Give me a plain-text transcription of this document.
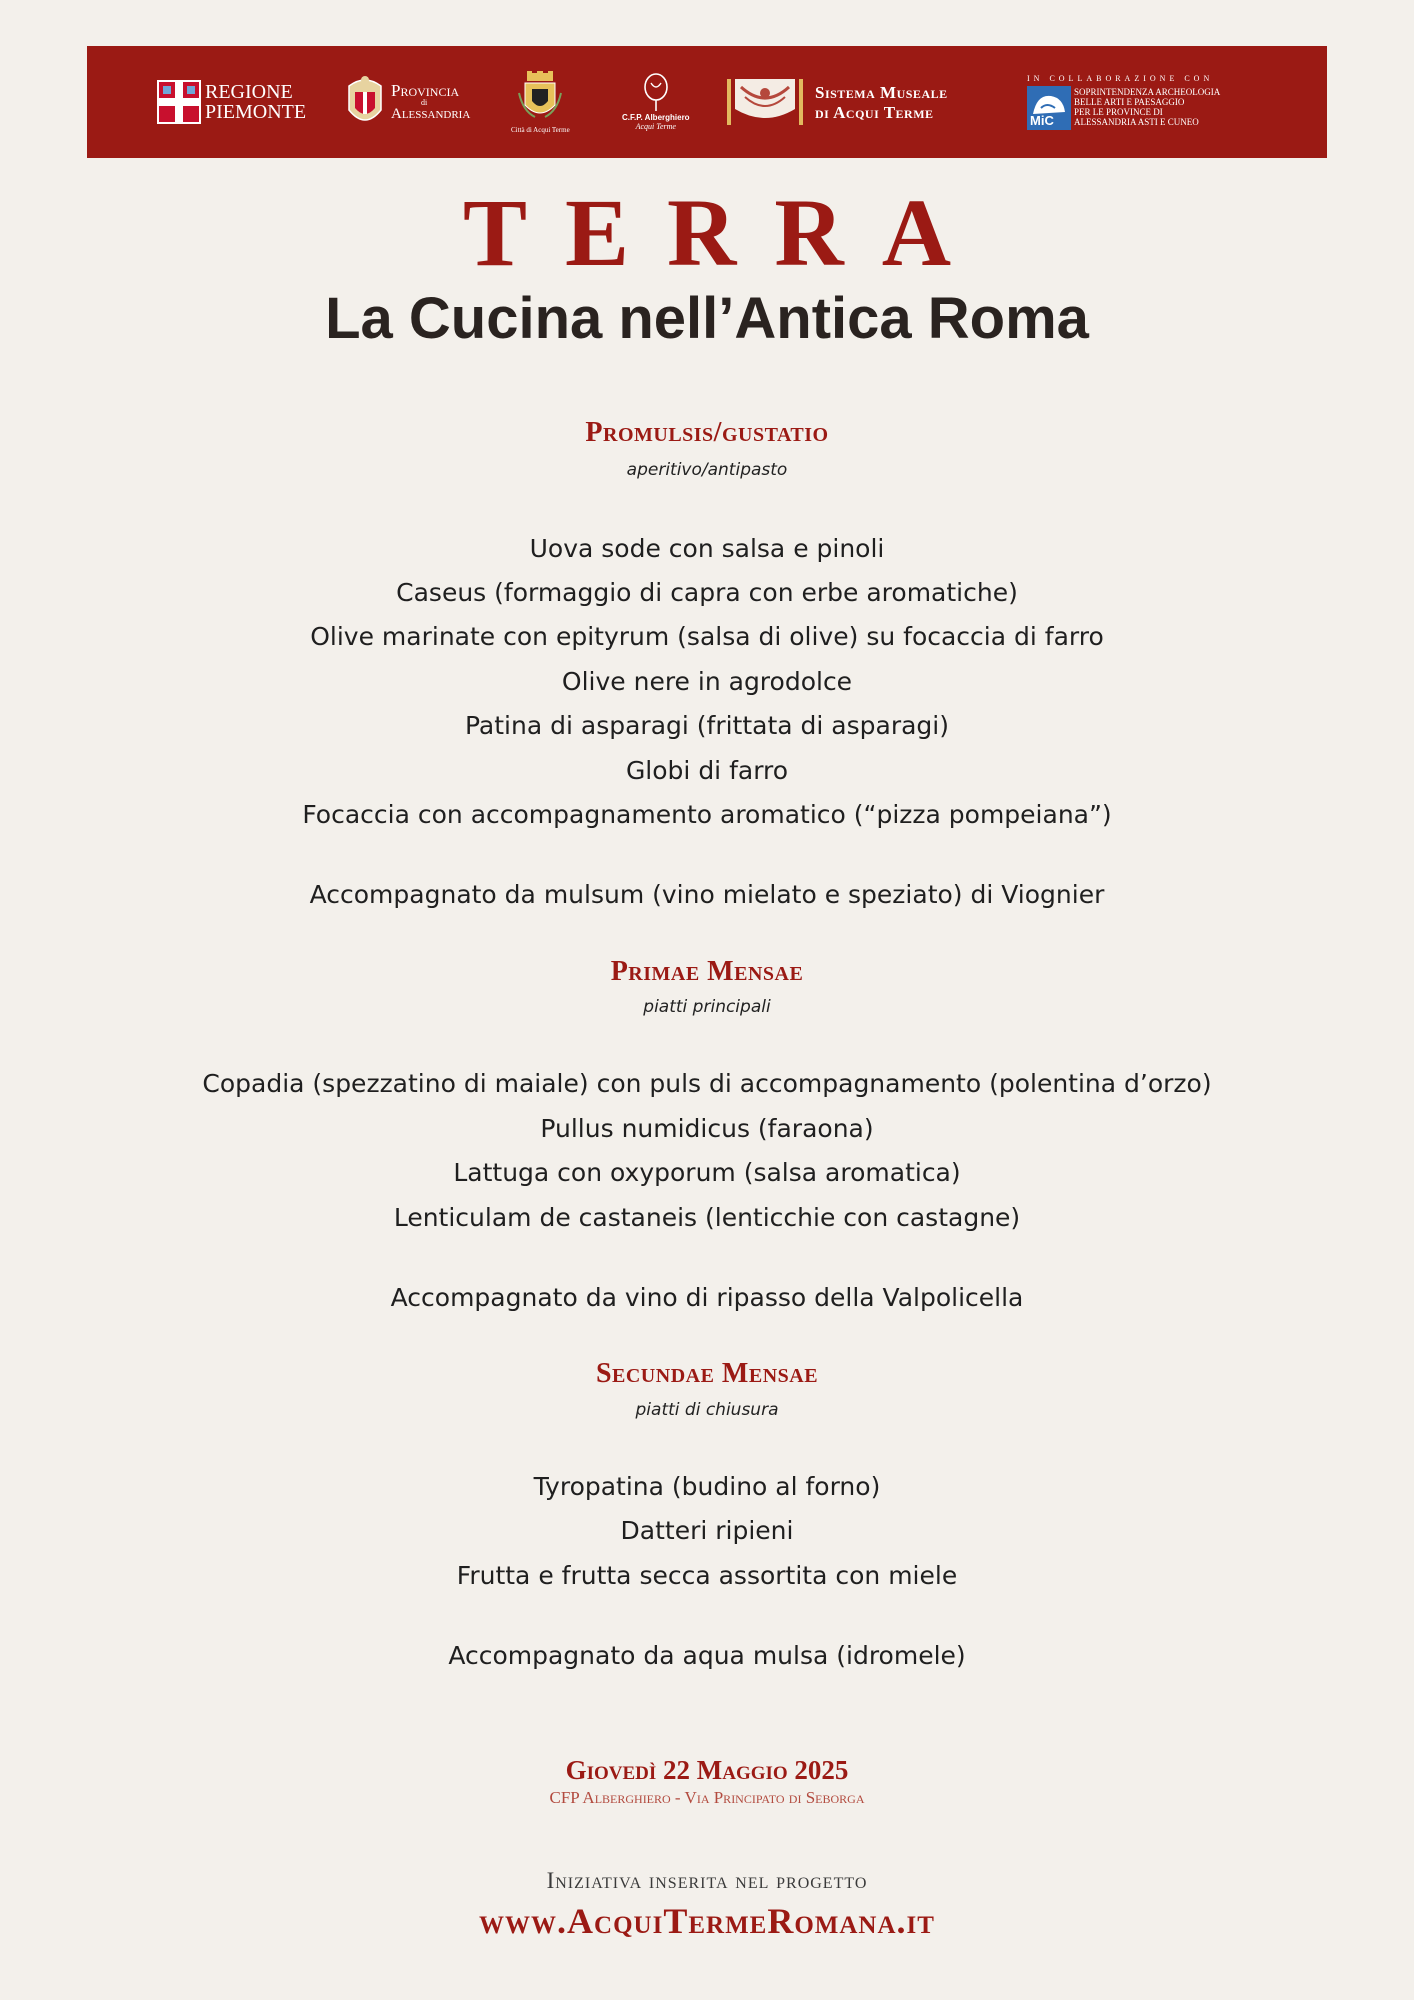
REGIONE
PIEMONTE
Provincia
di
Alessandria
Città di Acqui Terme
C.F.P. Alberghiero
Acqui Terme
Sistema Museale
di Acqui Terme
IN COLLABORAZIONE CON
MiC
SOPRINTENDENZA ARCHEOLOGIA
BELLE ARTI E PAESAGGIO
PER LE PROVINCE DI
ALESSANDRIA ASTI E CUNEO
TERRA
La Cucina nell’Antica Roma
Promulsis/gustatio
aperitivo/antipasto
Uova sode con salsa e pinoli
Caseus (formaggio di capra con erbe aromatiche)
Olive marinate con epityrum (salsa di olive) su focaccia di farro
Olive nere in agrodolce
Patina di asparagi (frittata di asparagi)
Globi di farro
Focaccia con accompagnamento aromatico (“pizza pompeiana”)
Accompagnato da mulsum (vino mielato e speziato) di Viognier
Primae Mensae
piatti principali
Copadia (spezzatino di maiale) con puls di accompagnamento (polentina d’orzo)
Pullus numidicus (faraona)
Lattuga con oxyporum (salsa aromatica)
Lenticulam de castaneis (lenticchie con castagne)
Accompagnato da vino di ripasso della Valpolicella
Secundae Mensae
piatti di chiusura
Tyropatina (budino al forno)
Datteri ripieni
Frutta e frutta secca assortita con miele
Accompagnato da aqua mulsa (idromele)
Giovedì 22 Maggio 2025
CFP Alberghiero - Via Principato di Seborga
Iniziativa inserita nel progetto
www.AcquiTermeRomana.it
